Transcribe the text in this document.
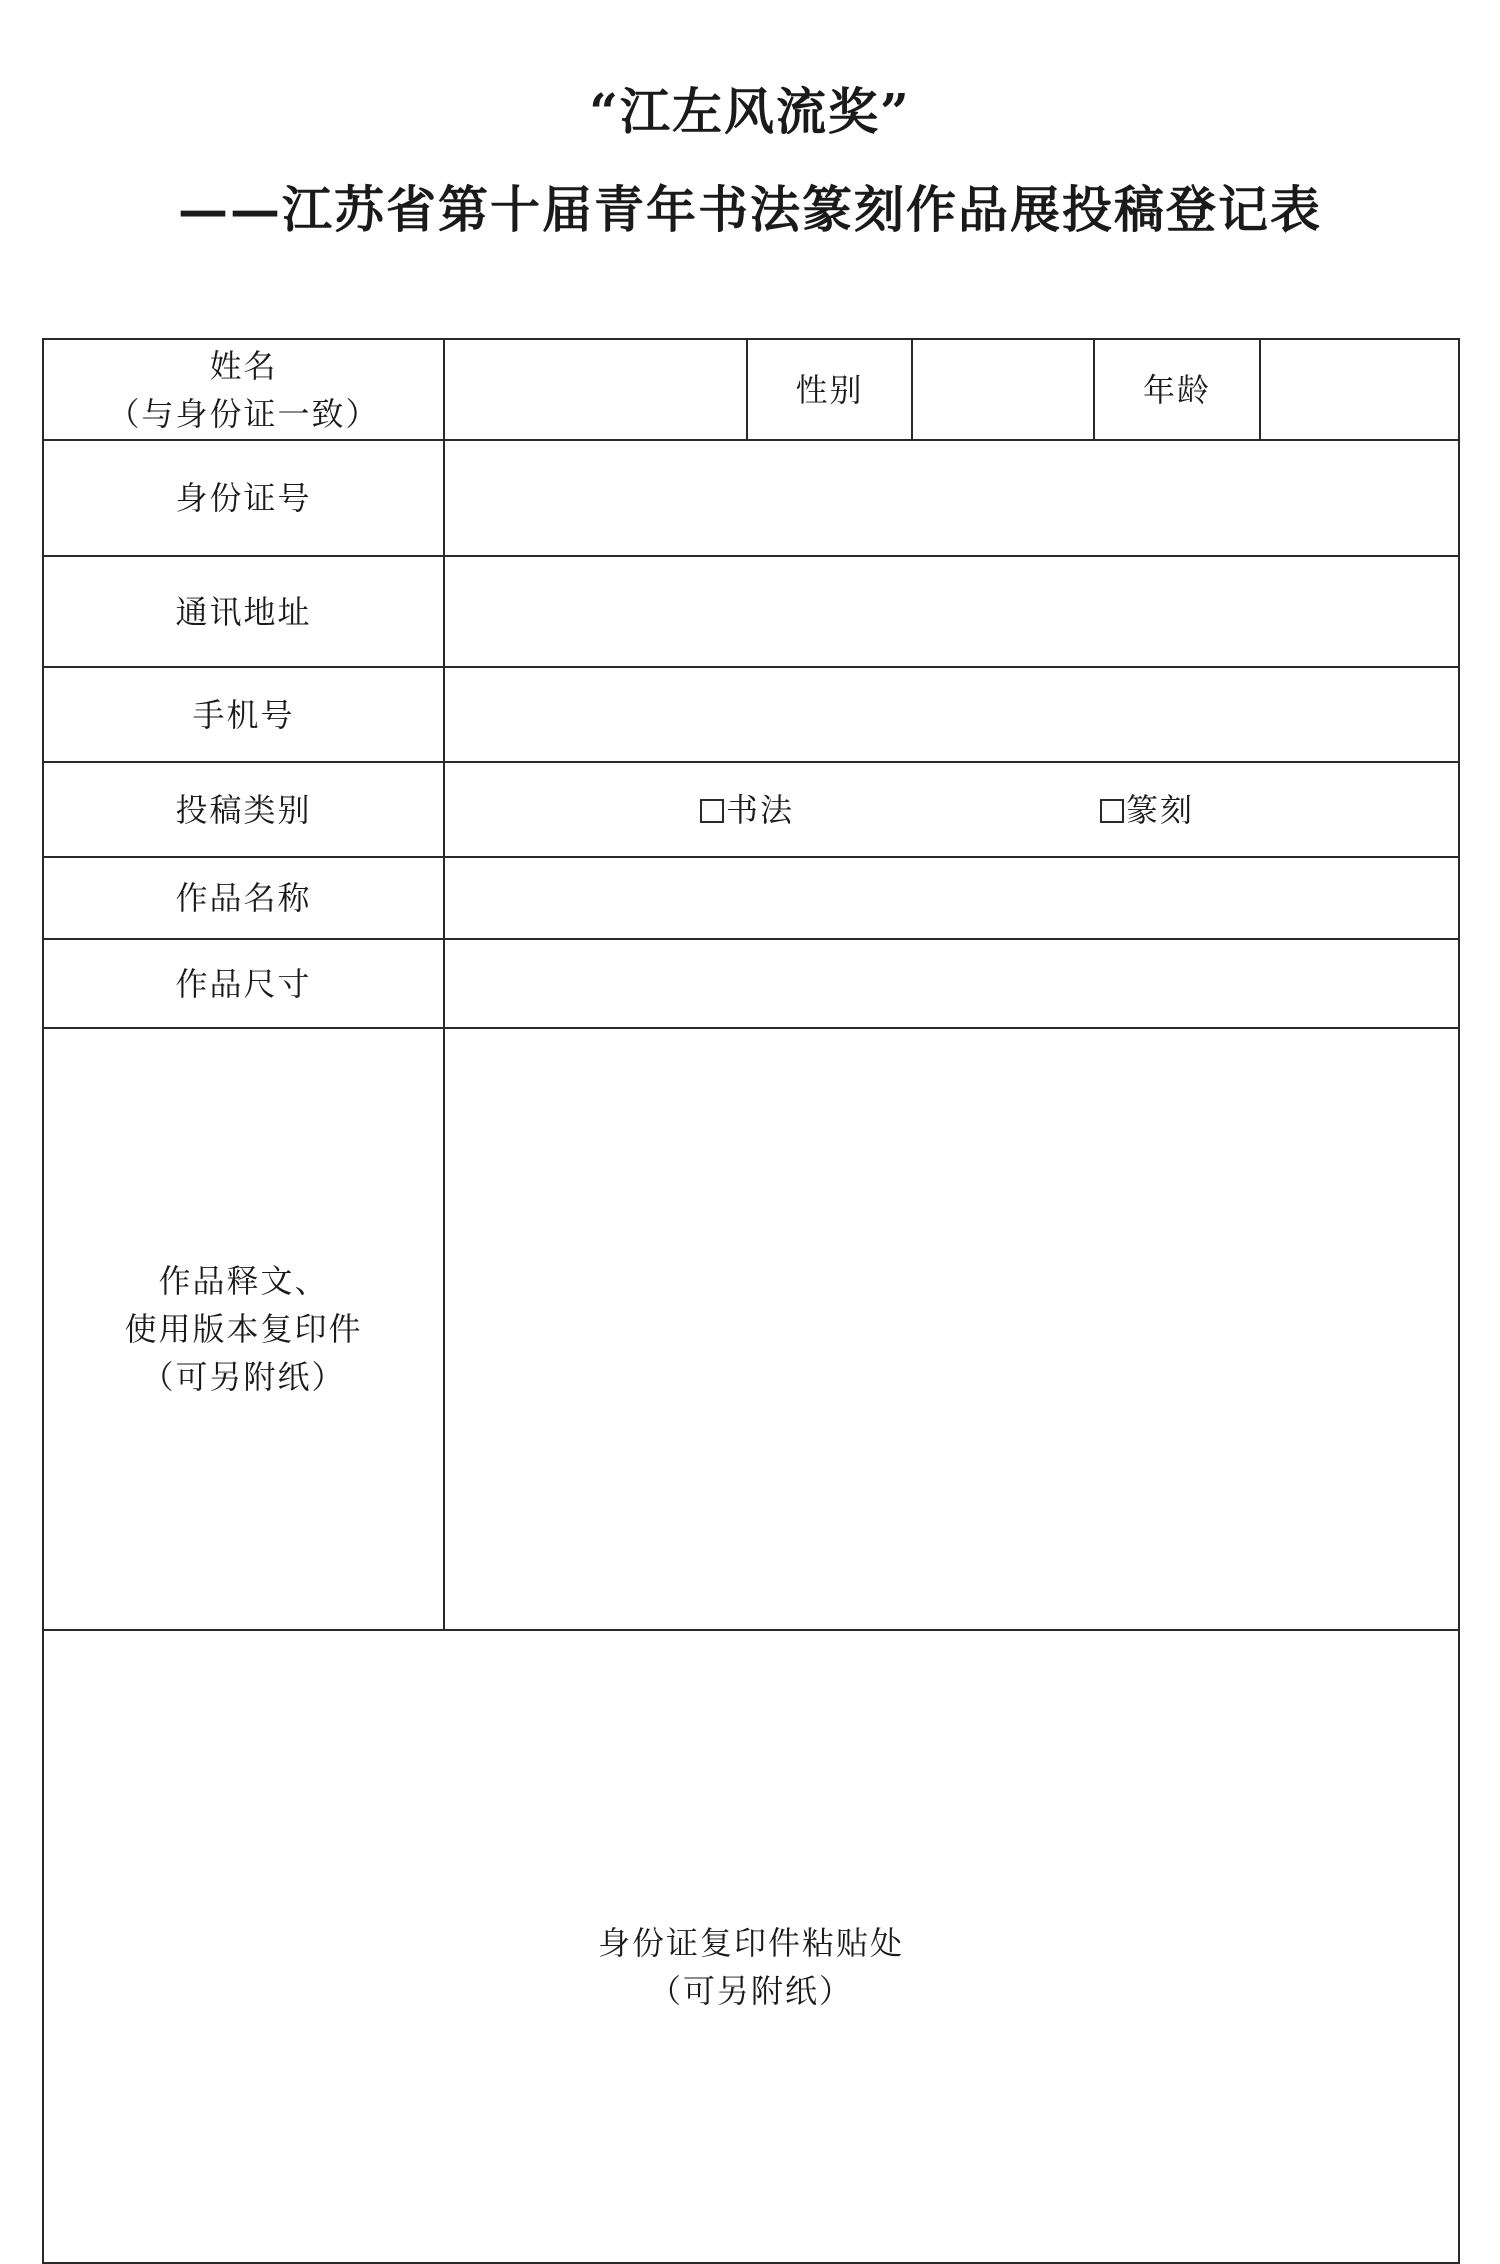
“江左风流奖”
——江苏省第十届青年书法篆刻作品展投稿登记表
姓名
（与身份证一致）		性别		年龄	
身份证号					
通讯地址					
手机号					
投稿类别	书法 篆刻				

作品名称					
作品尺寸					

作品释文、
使用版本复印件
（可另附纸）					

身份证复印件粘贴处
（可另附纸）					
